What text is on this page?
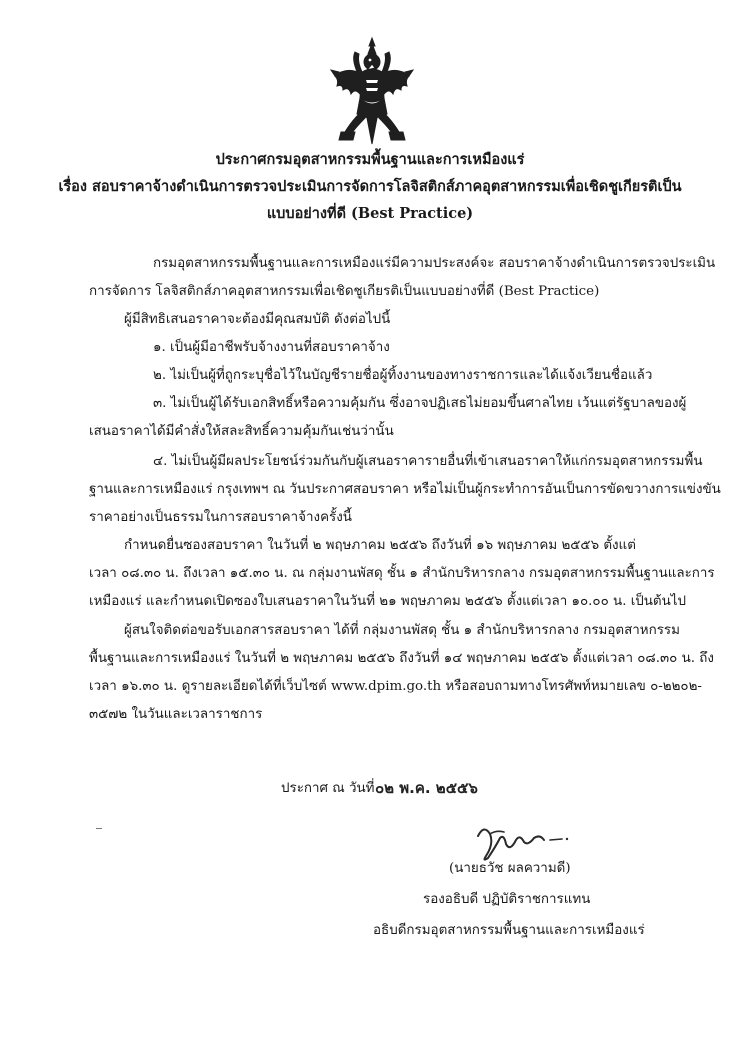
ประกาศกรมอุตสาหกรรมพื้นฐานและการเหมืองแร่
เรื่อง สอบราคาจ้างดำเนินการตรวจประเมินการจัดการโลจิสติกส์ภาคอุตสาหกรรมเพื่อเชิดชูเกียรติเป็น
แบบอย่างที่ดี (Best Practice)
กรมอุตสาหกรรมพื้นฐานและการเหมืองแร่มีความประสงค์จะ สอบราคาจ้างดำเนินการตรวจประเมิน
การจัดการ โลจิสติกส์ภาคอุตสาหกรรมเพื่อเชิดชูเกียรติเป็นแบบอย่างที่ดี (Best Practice)
ผู้มีสิทธิเสนอราคาจะต้องมีคุณสมบัติ ดังต่อไปนี้
๑. เป็นผู้มีอาชีพรับจ้างงานที่สอบราคาจ้าง
๒. ไม่เป็นผู้ที่ถูกระบุชื่อไว้ในบัญชีรายชื่อผู้ทิ้งงานของทางราชการและได้แจ้งเวียนชื่อแล้ว
๓. ไม่เป็นผู้ได้รับเอกสิทธิ์หรือความคุ้มกัน ซึ่งอาจปฏิเสธไม่ยอมขึ้นศาลไทย เว้นแต่รัฐบาลของผู้
เสนอราคาได้มีคำสั่งให้สละสิทธิ์ความคุ้มกันเช่นว่านั้น
๔. ไม่เป็นผู้มีผลประโยชน์ร่วมกันกับผู้เสนอราคารายอื่นที่เข้าเสนอราคาให้แก่กรมอุตสาหกรรมพื้น
ฐานและการเหมืองแร่ กรุงเทพฯ ณ วันประกาศสอบราคา หรือไม่เป็นผู้กระทำการอันเป็นการขัดขวางการแข่งขัน
ราคาอย่างเป็นธรรมในการสอบราคาจ้างครั้งนี้
กำหนดยื่นซองสอบราคา ในวันที่ ๒ พฤษภาคม ๒๕๕๖ ถึงวันที่ ๑๖ พฤษภาคม ๒๕๕๖ ตั้งแต่
เวลา ๐๘.๓๐ น. ถึงเวลา ๑๕.๓๐ น. ณ กลุ่มงานพัสดุ ชั้น ๑ สำนักบริหารกลาง กรมอุตสาหกรรมพื้นฐานและการ
เหมืองแร่ และกำหนดเปิดซองใบเสนอราคาในวันที่ ๒๑ พฤษภาคม ๒๕๕๖ ตั้งแต่เวลา ๑๐.๐๐ น. เป็นต้นไป
ผู้สนใจติดต่อขอรับเอกสารสอบราคา ได้ที่ กลุ่มงานพัสดุ ชั้น ๑ สำนักบริหารกลาง กรมอุตสาหกรรม
พื้นฐานและการเหมืองแร่ ในวันที่ ๒ พฤษภาคม ๒๕๕๖ ถึงวันที่ ๑๔ พฤษภาคม ๒๕๕๖ ตั้งแต่เวลา ๐๘.๓๐ น. ถึง
เวลา ๑๖.๓๐ น. ดูรายละเอียดได้ที่เว็บไซต์ www.dpim.go.th หรือสอบถามทางโทรศัพท์หมายเลข ๐-๒๒๐๒-
๓๕๗๒ ในวันและเวลาราชการ
ประกาศ ณ วันที่ ๐๒ พ.ค. ๒๕๕๖
(นายธวัช ผลความดี)
รองอธิบดี ปฏิบัติราชการแทน
อธิบดีกรมอุตสาหกรรมพื้นฐานและการเหมืองแร่
